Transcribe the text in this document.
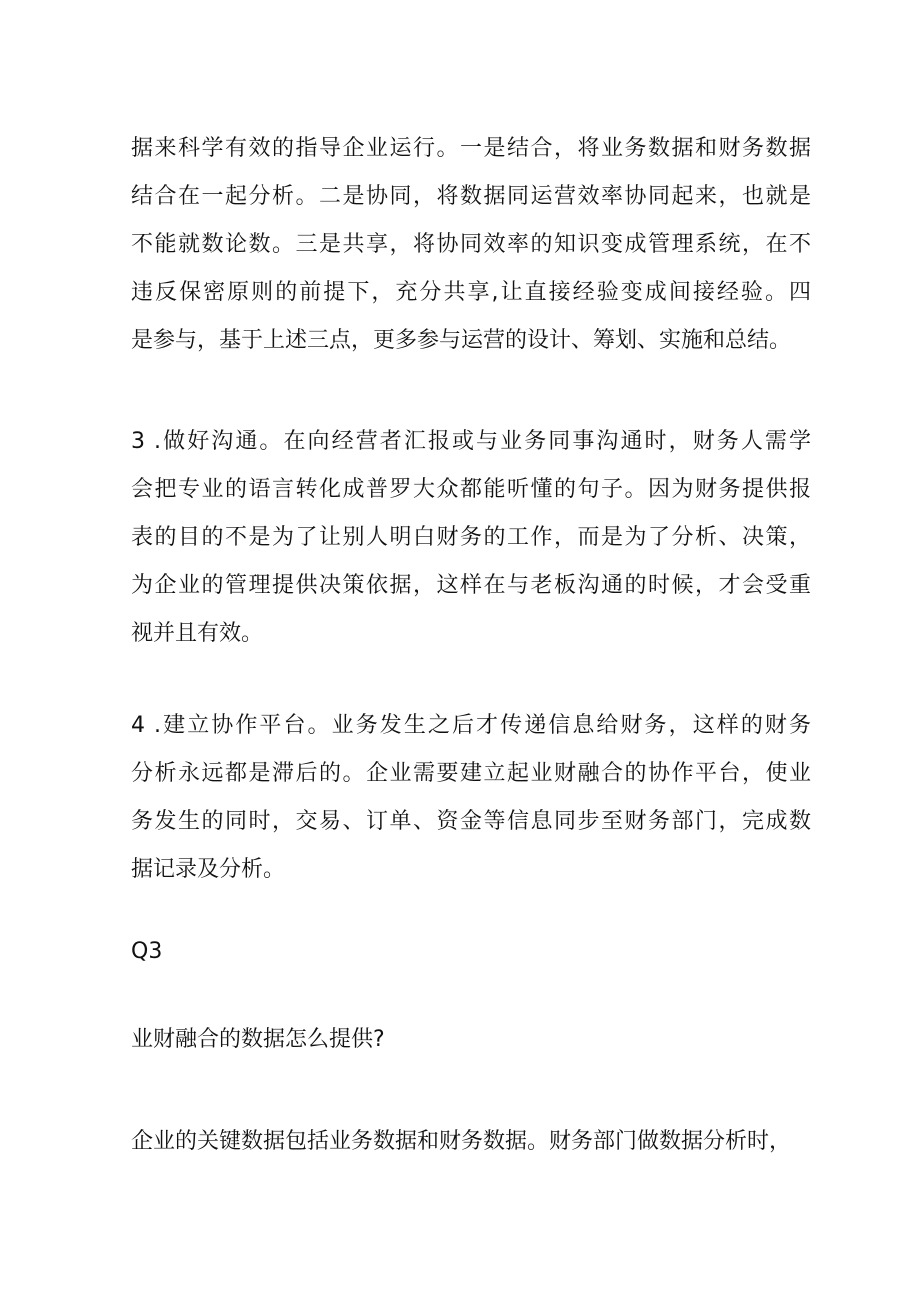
据来科学有效的指导企业运行。一是结合，将业务数据和财务数据
结合在一起分析。二是协同，将数据同运营效率协同起来，也就是
不能就数论数。三是共享，将协同效率的知识变成管理系统，在不
违反保密原则的前提下，充分共享,让直接经验变成间接经验。四
是参与，基于上述三点，更多参与运营的设计、筹划、实施和总结。

3 .做好沟通。在向经营者汇报或与业务同事沟通时，财务人需学
会把专业的语言转化成普罗大众都能听懂的句子。因为财务提供报
表的目的不是为了让别人明白财务的工作，而是为了分析、决策，
为企业的管理提供决策依据，这样在与老板沟通的时候，才会受重
视并且有效。

4 .建立协作平台。业务发生之后才传递信息给财务，这样的财务
分析永远都是滞后的。企业需要建立起业财融合的协作平台，使业
务发生的同时，交易、订单、资金等信息同步至财务部门，完成数
据记录及分析。

Q3

业财融合的数据怎么提供?

企业的关键数据包括业务数据和财务数据。财务部门做数据分析时，
